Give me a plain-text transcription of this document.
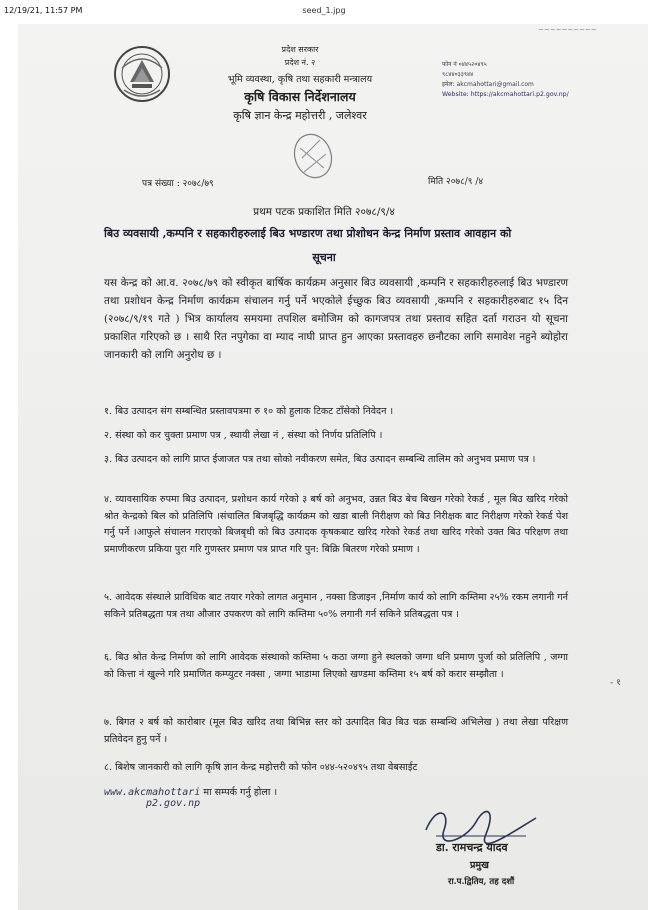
12/19/21, 11:57 PM	seed_1.jpg
~~~~~~~~~~
प्रदेश सरकार
प्रदेश नं. २
भूमि व्यवस्था, कृषि तथा सहकारी मन्त्रालय
कृषि विकास निर्देशनालय
कृषि ज्ञान केन्द्र महोत्तरी , जलेश्वर
फोन नं ०४४५२०४९५
९८४४०३३९४४
इमेल: akcmahottari@gmail.com
Website: https://akcmahottari.p2.gov.np/
पत्र संख्या : २०७८/७९	मिति २०७८/९ /४
प्रथम पटक प्रकाशित मिति २०७८/९/४
बिउ व्यवसायी ,कम्पनि र सहकारीहरुलाई बिउ भण्डारण तथा प्रोशोधन केन्द्र निर्माण प्रस्ताव आवहान को
सूचना
यस केन्द्र को आ.व. २०७८/७९ को स्वीकृत बार्षिक कार्यक्रम अनुसार बिउ व्यवसायी ,कम्पनि र सहकारीहरुलाई बिउ भण्डारण तथा प्रशोधन केन्द्र निर्माण कार्यक्रम संचालन गर्नु पर्ने भएकोले ईच्छुक बिउ व्यवसायी ,कम्पनि र सहकारीहरुबाट १५ दिन (२०७८/९/१९ गते ) भित्र कार्यालय समयमा तपशिल बमोजिम को कागजपत्र तथा प्रस्ताव सहित दर्ता गराउन यो सूचना प्रकाशित गरिएको छ । साथै रित नपुगेका वा म्याद नाघी प्राप्त हुन आएका प्रस्तावहरु छनौटका लागि समावेश नहुने ब्योहोरा जानकारी को लागि अनुरोध छ ।
१. बिउ उत्पादन संग सम्बन्धित प्रस्तावपत्रमा रु १० को हुलाक टिकट टाँसेको निवेदन ।
२. संस्था को कर चुक्ता प्रमाण पत्र , स्थायी लेखा नं , संस्था को निर्णय प्रतिलिपि ।
३. बिउ उत्पादन को लागि प्राप्त ईजाजत पत्र तथा सोको नवीकरण समेत, बिउ उत्पादन सम्बन्धि तालिम को अनुभव प्रमाण पत्र ।
४. व्यावसायिक रुपमा बिउ उत्पादन, प्रशोधन कार्य गरेको ३ बर्ष को अनुभव, उन्नत बिउ बेच बिखन गरेको रेकर्ड , मूल बिउ खरिद गरेको श्रोत केन्द्रको बिल को प्रतिलिपि ।संचालित बिजबृद्धि कार्यक्रम को खडा बाली निरीक्षण को बिउ निरीक्षक बाट निरीक्षण गरेको रेकर्ड पेश गर्नु पर्ने ।आफुले संचालन गराएको बिजबृधी को बिउ उत्पादक कृषकबाट खरिद गरेको रेकर्ड तथा खरिद गरेको उक्त बिउ परिक्षण तथा प्रमाणीकरण प्रकिया पुरा गरि गुणस्तर प्रमाण पत्र प्राप्त गरि पुन: बिक्रि बितरण गरेको प्रमाण ।
५. आवेदक संस्थाले प्राविधिक बाट तयार गरेको लागत अनुमान , नक्सा डिजाइन ,निर्माण कार्य को लागि कम्तिमा २५% रकम लगानी गर्न सकिने प्रतिबद्धता पत्र तथा औजार उपकरण को लागि कम्तिमा ५०% लगानी गर्न सकिने प्रतिबद्धता पत्र ।
६. बिउ श्रोत केन्द्र निर्माण को लागि आवेदक संस्थाको कम्तिमा ५ कठा जग्गा हुने स्थलको जग्गा धनि प्रमाण पुर्जा को प्रतिलिपि , जग्गा को कित्ता नं खुल्ने गरि प्रमाणित कम्प्युटर नक्सा , जग्गा भाडामा लिएको खण्डमा कम्तिमा १५ बर्ष को करार सम्झौता ।
७. बिगत २ बर्ष को कारोबार (मूल बिउ खरिद तथा बिभिन्न स्तर को उत्पादित बिउ बिउ चक्र सम्बन्धि अभिलेख ) तथा लेखा परिक्षण प्रतिवेदन हुनु पर्ने ।
८. बिशेष जानकारी को लागि कृषि ज्ञान केन्द्र महोत्तरी को फोन ०४४-५२०४९५ तथा वेबसाईट
www.akcmahottari मा सम्पर्क गर्नु होला ।
p2.gov.np
डा. रामचन्द्र यादव
प्रमुख
रा.प.द्वितिय, तह दशौं
- १
